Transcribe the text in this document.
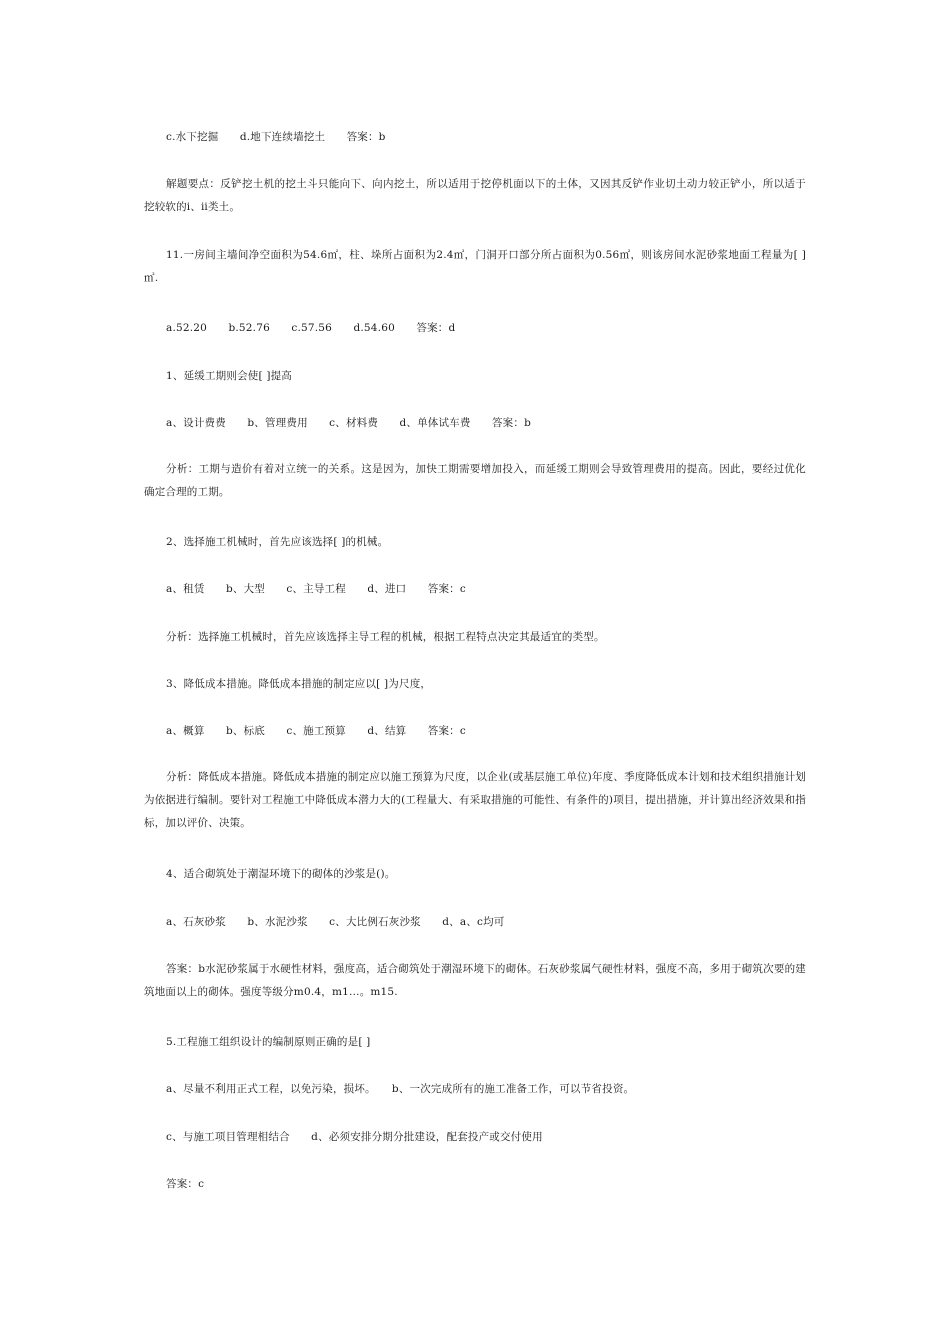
c.水下挖掘　　d.地下连续墙挖土　　答案：b
解题要点：反铲挖土机的挖土斗只能向下、向内挖土，所以适用于挖停机面以下的土体，又因其反铲作业切土动力较正铲小，所以适于挖较软的ⅰ、ⅱ类土。
11.一房间主墙间净空面积为54.6㎡，柱、垛所占面积为2.4㎡，门洞开口部分所占面积为0.56㎡，则该房间水泥砂浆地面工程量为[ ]㎡.
a.52.20　　b.52.76　　c.57.56　　d.54.60　　答案：d
1、延缓工期则会使[ ]提高
a、设计费费　　b、管理费用　　c、材料费　　d、单体试车费　　答案：b
分析：工期与造价有着对立统一的关系。这是因为，加快工期需要增加投入，而延缓工期则会导致管理费用的提高。因此，要经过优化确定合理的工期。
2、选择施工机械时，首先应该选择[ ]的机械。
a、租赁　　b、大型　　c、主导工程　　d、进口　　答案：c
分析：选择施工机械时，首先应该选择主导工程的机械，根据工程特点决定其最适宜的类型。
3、降低成本措施。降低成本措施的制定应以[ ]为尺度，
a、概算　　b、标底　　c、施工预算　　d、结算　　答案：c
分析：降低成本措施。降低成本措施的制定应以施工预算为尺度，以企业(或基层施工单位)年度、季度降低成本计划和技术组织措施计划为依据进行编制。要针对工程施工中降低成本潜力大的(工程量大、有采取措施的可能性、有条件的)项目，提出措施，并计算出经济效果和指标，加以评价、决策。
4、适合砌筑处于潮湿环境下的砌体的沙浆是()。
a、石灰砂浆　　b、水泥沙浆　　c、大比例石灰沙浆　　d、a、c均可
答案：b水泥砂浆属于水硬性材料，强度高，适合砌筑处于潮湿环境下的砌体。石灰砂浆属气硬性材料，强度不高，多用于砌筑次要的建筑地面以上的砌体。强度等级分m0.4，m1…。m15.
5.工程施工组织设计的编制原则正确的是[ ]
a、尽量不利用正式工程，以免污染，损坏。　　b、一次完成所有的施工准备工作，可以节省投资。
c、与施工项目管理相结合　　d、必须安排分期分批建设，配套投产或交付使用
答案：c
